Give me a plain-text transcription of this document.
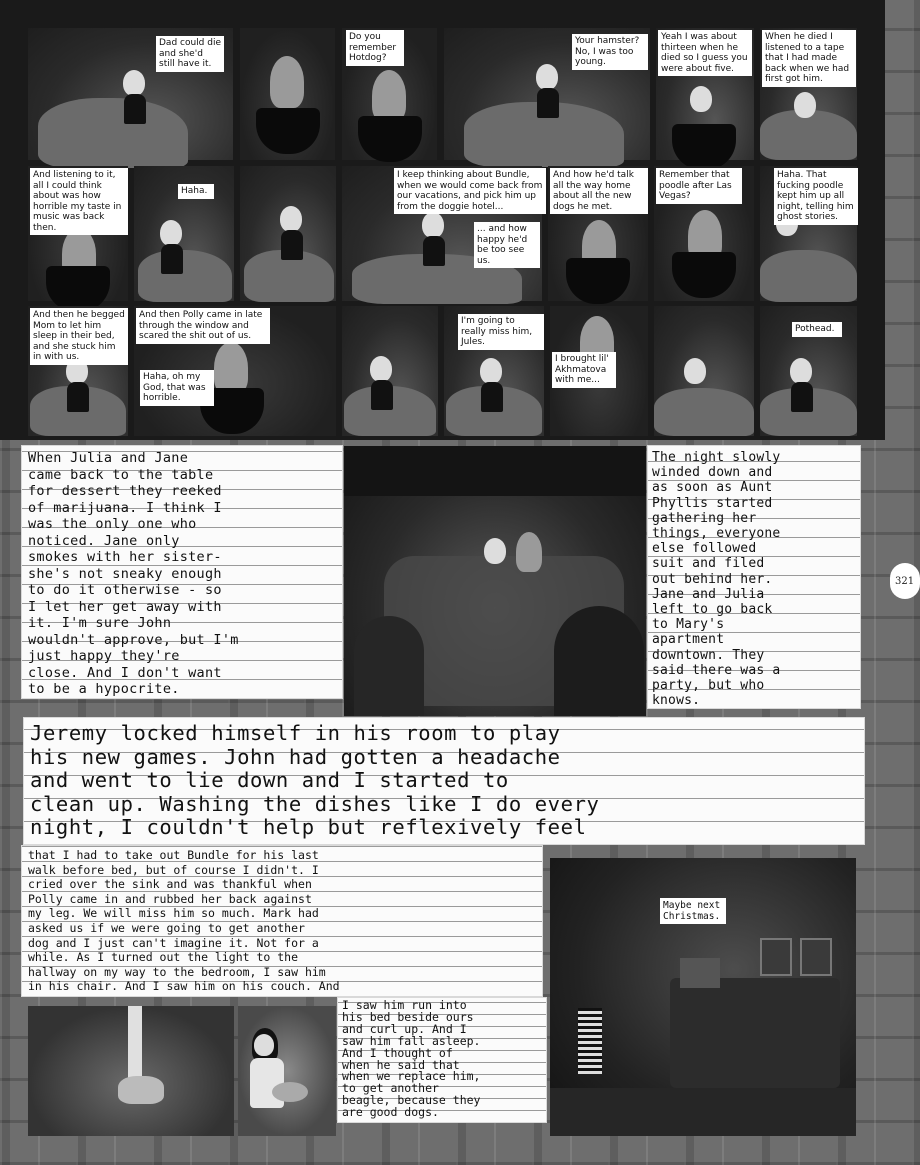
Dad could die and she'd still have it.
Do you remember Hotdog?
Your hamster? No, I was too young.
Yeah I was about thirteen when he died so I guess you were about five.
When he died I listened to a tape that I had made back when we had first got him.
And listening to it, all I could think about was how horrible my taste in music was back then.
Haha.
I keep thinking about Bundle, when we would come back from our vacations, and pick him up from the doggie hotel...
... and how happy he'd be too see us.
And how he'd talk all the way home about all the new dogs he met.
Remember that poodle after Las Vegas?
Haha. That fucking poodle kept him up all night, telling him ghost stories.
And then he begged Mom to let him sleep in their bed, and she stuck him in with us.
And then Polly came in late through the window and scared the shit out of us.
Haha, oh my God, that was horrible.
I'm going to really miss him, Jules.
I brought lil' Akhmatova with me...
Pothead.

When Julia and Jane
came back to the table
for dessert they reeked
of marijuana. I think I
was the only one who
noticed. Jane only
smokes with her sister-
she's not sneaky enough
to do it otherwise - so
I let her get away with
it. I'm sure John
wouldn't approve, but I'm
just happy they're
close. And I don't want
to be a hypocrite.

The night slowly
winded down and
as soon as Aunt
Phyllis started
gathering her
things, everyone
else followed
suit and filed
out behind her.
Jane and Julia
left to go back
to Mary's
apartment
downtown. They
said there was a
party, but who
knows.

321

Jeremy locked himself in his room to play
his new games. John had gotten a headache
and went to lie down and I started to
clean up. Washing the dishes like I do every
night, I couldn't help but reflexively feel

that I had to take out Bundle for his last
walk before bed, but of course I didn't. I
cried over the sink and was thankful when
Polly came in and rubbed her back against
my leg. We will miss him so much. Mark had
asked us if we were going to get another
dog and I just can't imagine it. Not for a
while. As I turned out the light to the
hallway on my way to the bedroom, I saw him
in his chair. And I saw him on his couch. And

Maybe next
Christmas.

I saw him run into
his bed beside ours
and curl up. And I
saw him fall asleep.
And I thought of
when he said that
when we replace him,
to get another
beagle, because they
are good dogs.
